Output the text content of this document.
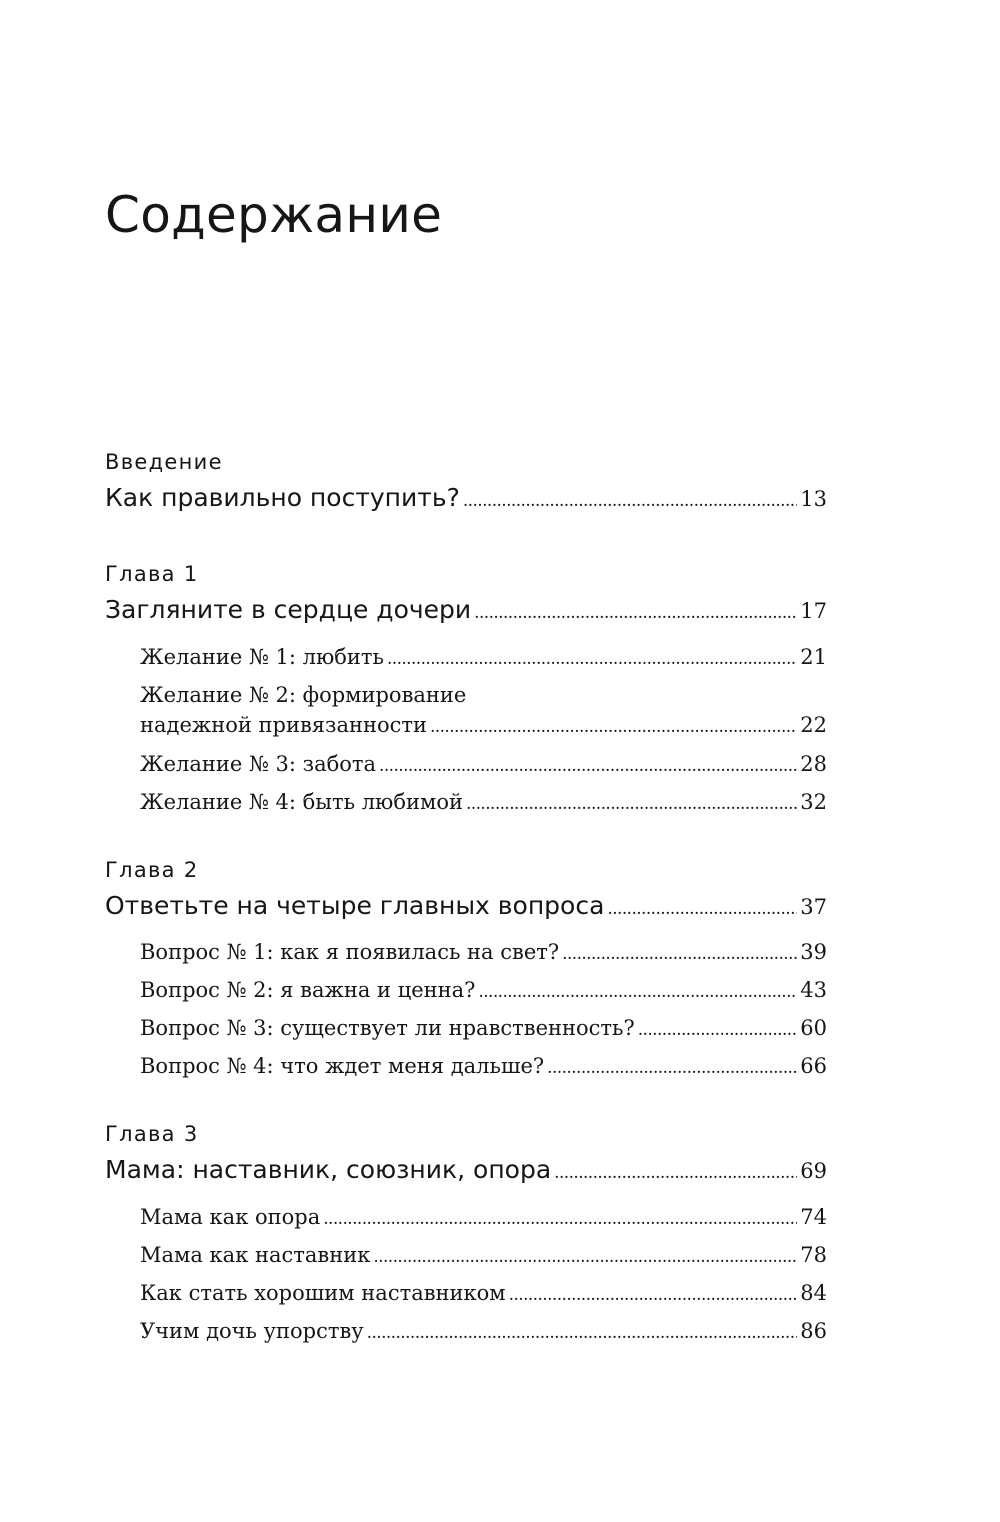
Содержание
Введение
Как правильно поступить? . . .	13
Глава 1
Загляните в сердце дочери . . .	17
Желание № 1: любить . . .	21
Желание № 2: формирование
надежной привязанности . . .	22
Желание № 3: забота . . .	28
Желание № 4: быть любимой . . .	32
Глава 2
Ответьте на четыре главных вопроса . . .	37
Вопрос № 1: как я появилась на свет? . . .	39
Вопрос № 2: я важна и ценна? . . .	43
Вопрос № 3: существует ли нравственность? . . .	60
Вопрос № 4: что ждет меня дальше? . . .	66
Глава 3
Мама: наставник, союзник, опора . . .	69
Мама как опора . . .	74
Мама как наставник . . .	78
Как стать хорошим наставником . . .	84
Учим дочь упорству . . .	86
